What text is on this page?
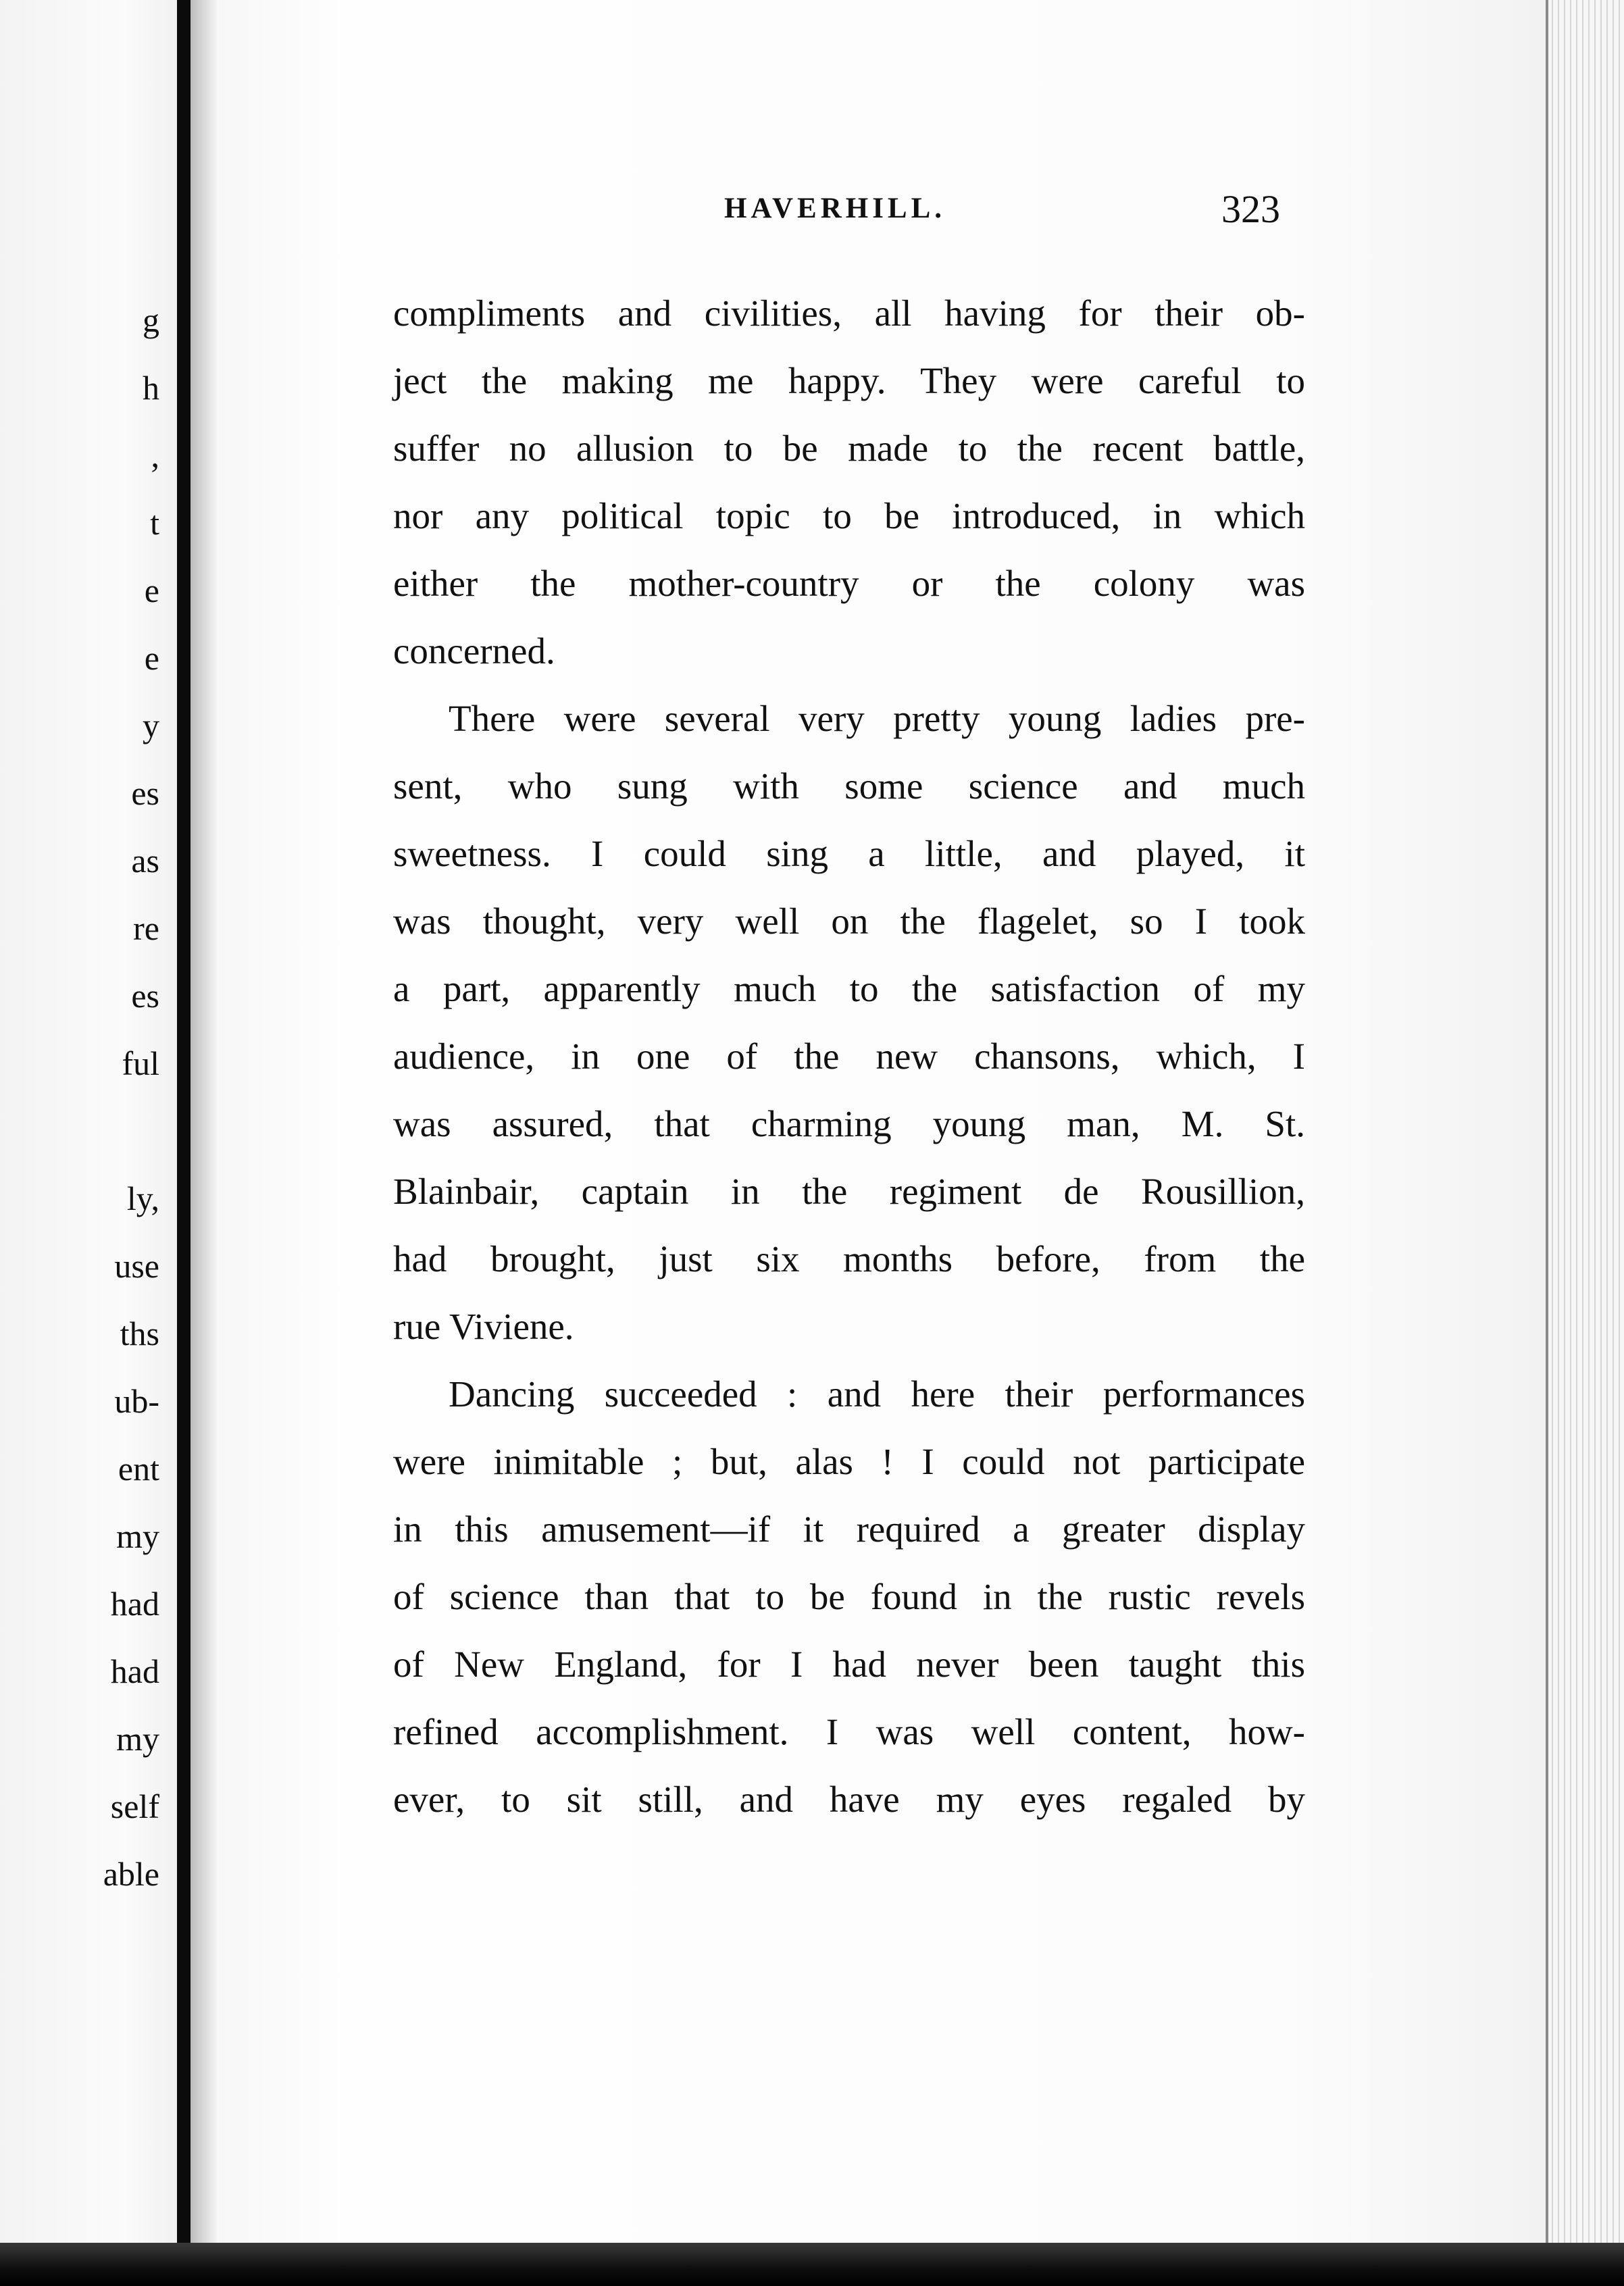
g
h
,
t
e
e
y
es
as
re
es
ful
ly,
use
ths
ub-
ent
my
had
had
my
self
able

HAVERHILL.	323

compliments and civilities, all having for their ob-
ject the making me happy. They were careful to
suffer no allusion to be made to the recent battle,
nor any political topic to be introduced, in which
either the mother-country or the colony was
concerned.
There were several very pretty young ladies pre-
sent, who sung with some science and much
sweetness. I could sing a little, and played, it
was thought, very well on the flagelet, so I took
a part, apparently much to the satisfaction of my
audience, in one of the new chansons, which, I
was assured, that charming young man, M. St.
Blainbair, captain in the regiment de Rousillion,
had brought, just six months before, from the
rue Viviene.
Dancing succeeded : and here their performances
were inimitable ; but, alas ! I could not participate
in this amusement—if it required a greater display
of science than that to be found in the rustic revels
of New England, for I had never been taught this
refined accomplishment. I was well content, how-
ever, to sit still, and have my eyes regaled by
